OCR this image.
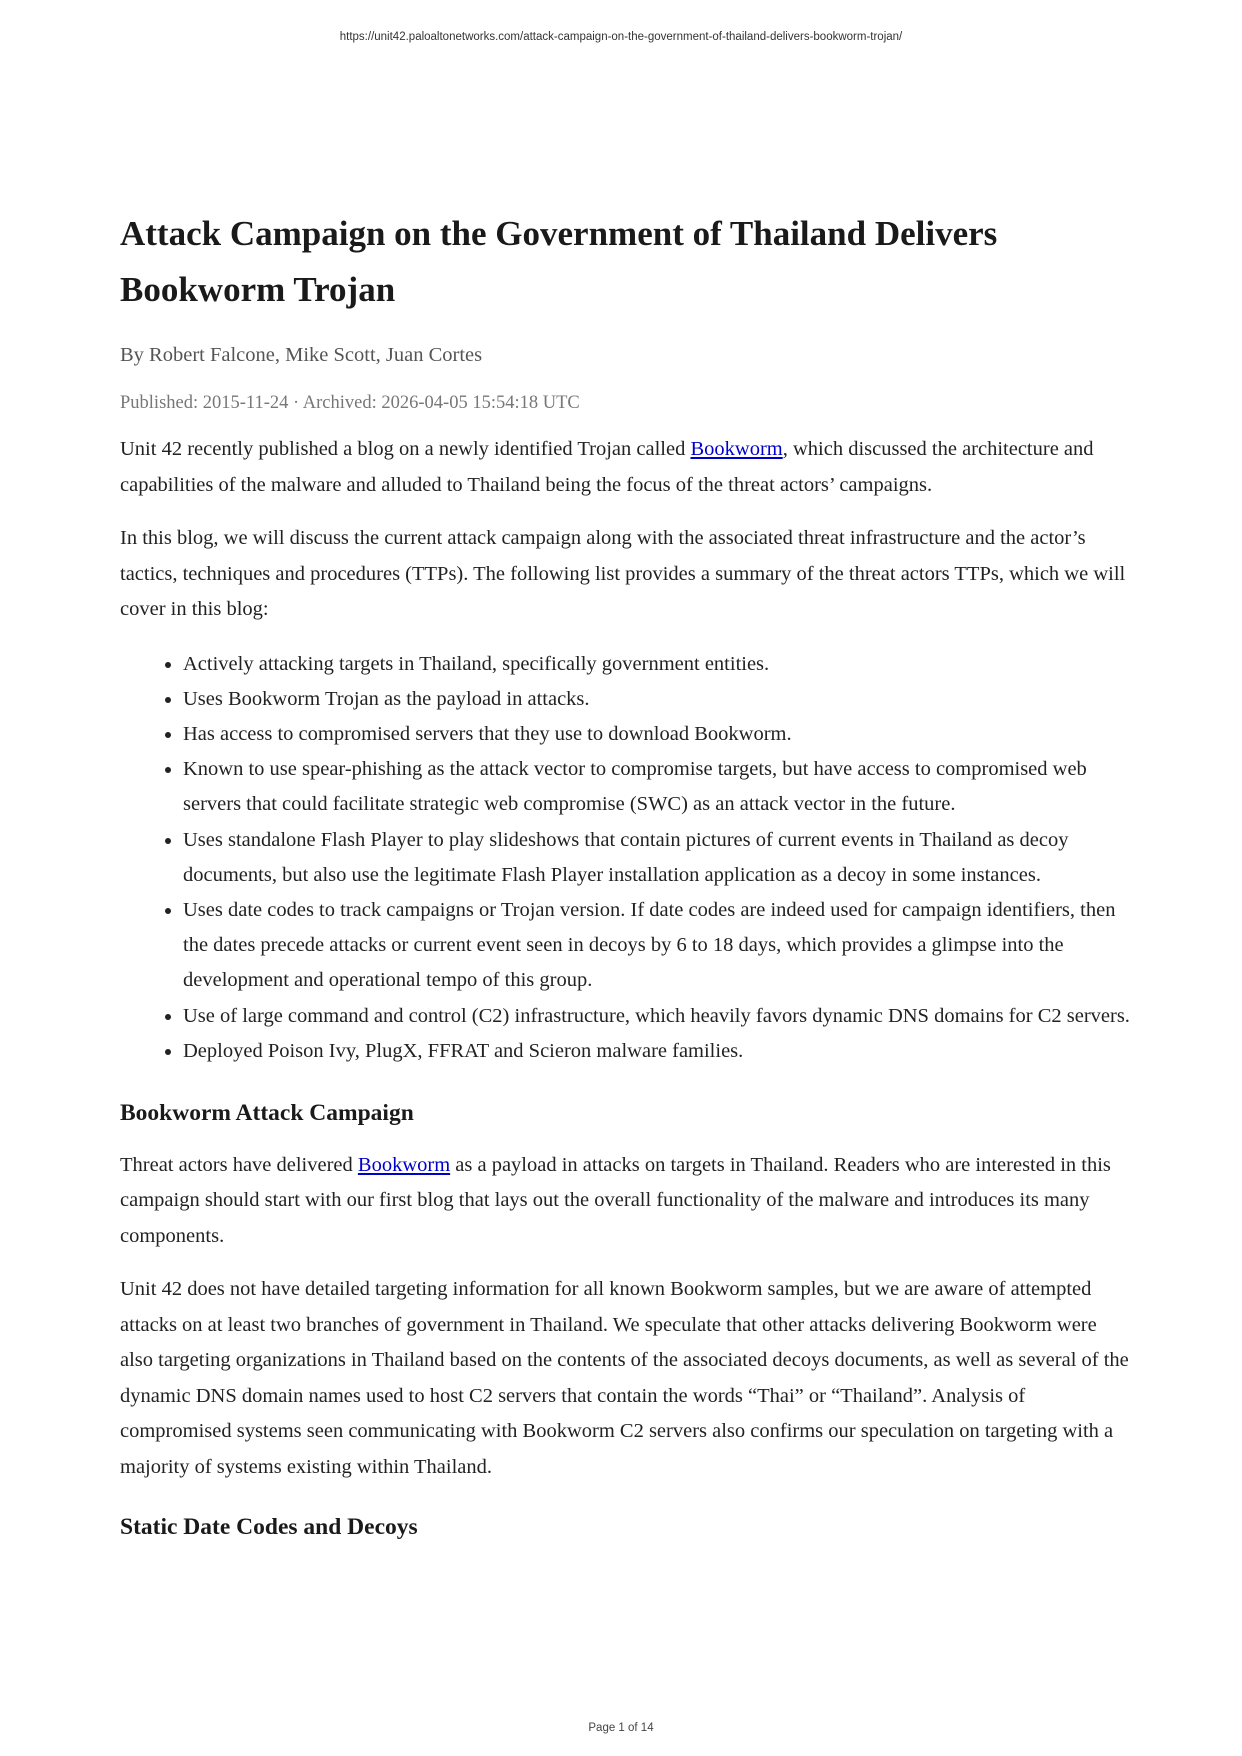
https://unit42.paloaltonetworks.com/attack-campaign-on-the-government-of-thailand-delivers-bookworm-trojan/
Attack Campaign on the Government of Thailand Delivers Bookworm Trojan
By Robert Falcone, Mike Scott, Juan Cortes
Published: 2015-11-24 · Archived: 2026-04-05 15:54:18 UTC

Unit 42 recently published a blog on a newly identified Trojan called Bookworm, which discussed the architecture and capabilities of the malware and alluded to Thailand being the focus of the threat actors’ campaigns.

In this blog, we will discuss the current attack campaign along with the associated threat infrastructure and the actor’s tactics, techniques and procedures (TTPs). The following list provides a summary of the threat actors TTPs, which we will cover in this blog:

• Actively attacking targets in Thailand, specifically government entities.
• Uses Bookworm Trojan as the payload in attacks.
• Has access to compromised servers that they use to download Bookworm.
• Known to use spear-phishing as the attack vector to compromise targets, but have access to compromised web servers that could facilitate strategic web compromise (SWC) as an attack vector in the future.
• Uses standalone Flash Player to play slideshows that contain pictures of current events in Thailand as decoy documents, but also use the legitimate Flash Player installation application as a decoy in some instances.
• Uses date codes to track campaigns or Trojan version. If date codes are indeed used for campaign identifiers, then the dates precede attacks or current event seen in decoys by 6 to 18 days, which provides a glimpse into the development and operational tempo of this group.
• Use of large command and control (C2) infrastructure, which heavily favors dynamic DNS domains for C2 servers.
• Deployed Poison Ivy, PlugX, FFRAT and Scieron malware families.
Bookworm Attack Campaign

Threat actors have delivered Bookworm as a payload in attacks on targets in Thailand. Readers who are interested in this campaign should start with our first blog that lays out the overall functionality of the malware and introduces its many components.

Unit 42 does not have detailed targeting information for all known Bookworm samples, but we are aware of attempted attacks on at least two branches of government in Thailand. We speculate that other attacks delivering Bookworm were also targeting organizations in Thailand based on the contents of the associated decoys documents, as well as several of the dynamic DNS domain names used to host C2 servers that contain the words “Thai” or “Thailand”. Analysis of compromised systems seen communicating with Bookworm C2 servers also confirms our speculation on targeting with a majority of systems existing within Thailand.

Static Date Codes and Decoys
Page 1 of 14
